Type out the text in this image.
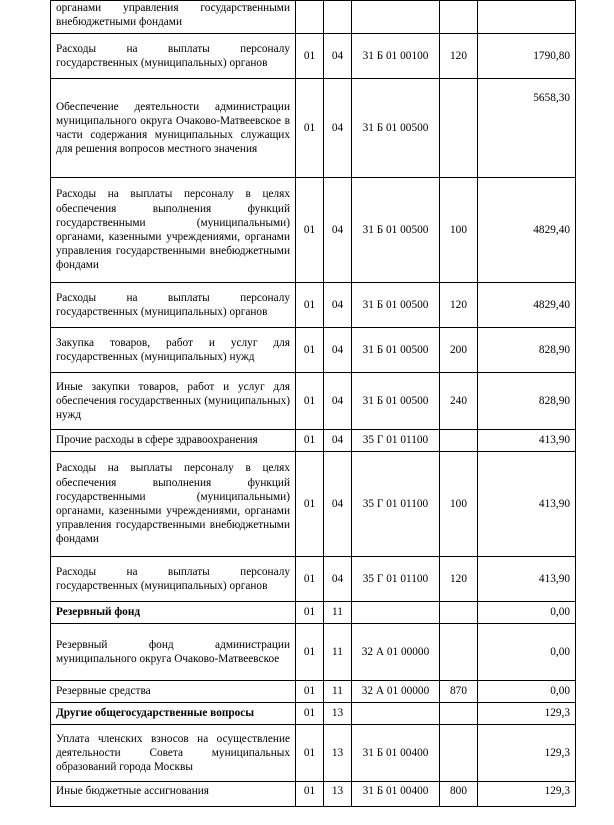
органами управления государственными внебюджетными фондами					
Расходы на выплаты персоналу государственных (муниципальных) органов	01	04	31 Б 01 00100	120	1790,80
Обеспечение деятельности администрации муниципального округа Очаково-Матвеевское в части содержания муниципальных служащих для решения вопросов местного значения	01	04	31 Б 01 00500		5658,30
Расходы на выплаты персоналу в целях обеспечения выполнения функций государственными (муниципальными) органами, казенными учреждениями, органами управления государственными внебюджетными фондами	01	04	31 Б 01 00500	100	4829,40
Расходы на выплаты персоналу государственных (муниципальных) органов	01	04	31 Б 01 00500	120	4829,40
Закупка товаров, работ и услуг для государственных (муниципальных) нужд	01	04	31 Б 01 00500	200	828,90
Иные закупки товаров, работ и услуг для обеспечения государственных (муниципальных) нужд	01	04	31 Б 01 00500	240	828,90
Прочие расходы в сфере здравоохранения	01	04	35 Г 01 01100		413,90
Расходы на выплаты персоналу в целях обеспечения выполнения функций государственными (муниципальными) органами, казенными учреждениями, органами управления государственными внебюджетными фондами	01	04	35 Г 01 01100	100	413,90
Расходы на выплаты персоналу государственных (муниципальных) органов	01	04	35 Г 01 01100	120	413,90
Резервный фонд	01	11			0,00
Резервный фонд администрации муниципального округа Очаково-Матвеевское	01	11	32 А 01 00000		0,00
Резервные средства	01	11	32 А 01 00000	870	0,00
Другие общегосударственные вопросы	01	13			129,3
Уплата членских взносов на осуществление деятельности Совета муниципальных образований города Москвы	01	13	31 Б 01 00400		129,3
Иные бюджетные ассигнования	01	13	31 Б 01 00400	800	129,3
